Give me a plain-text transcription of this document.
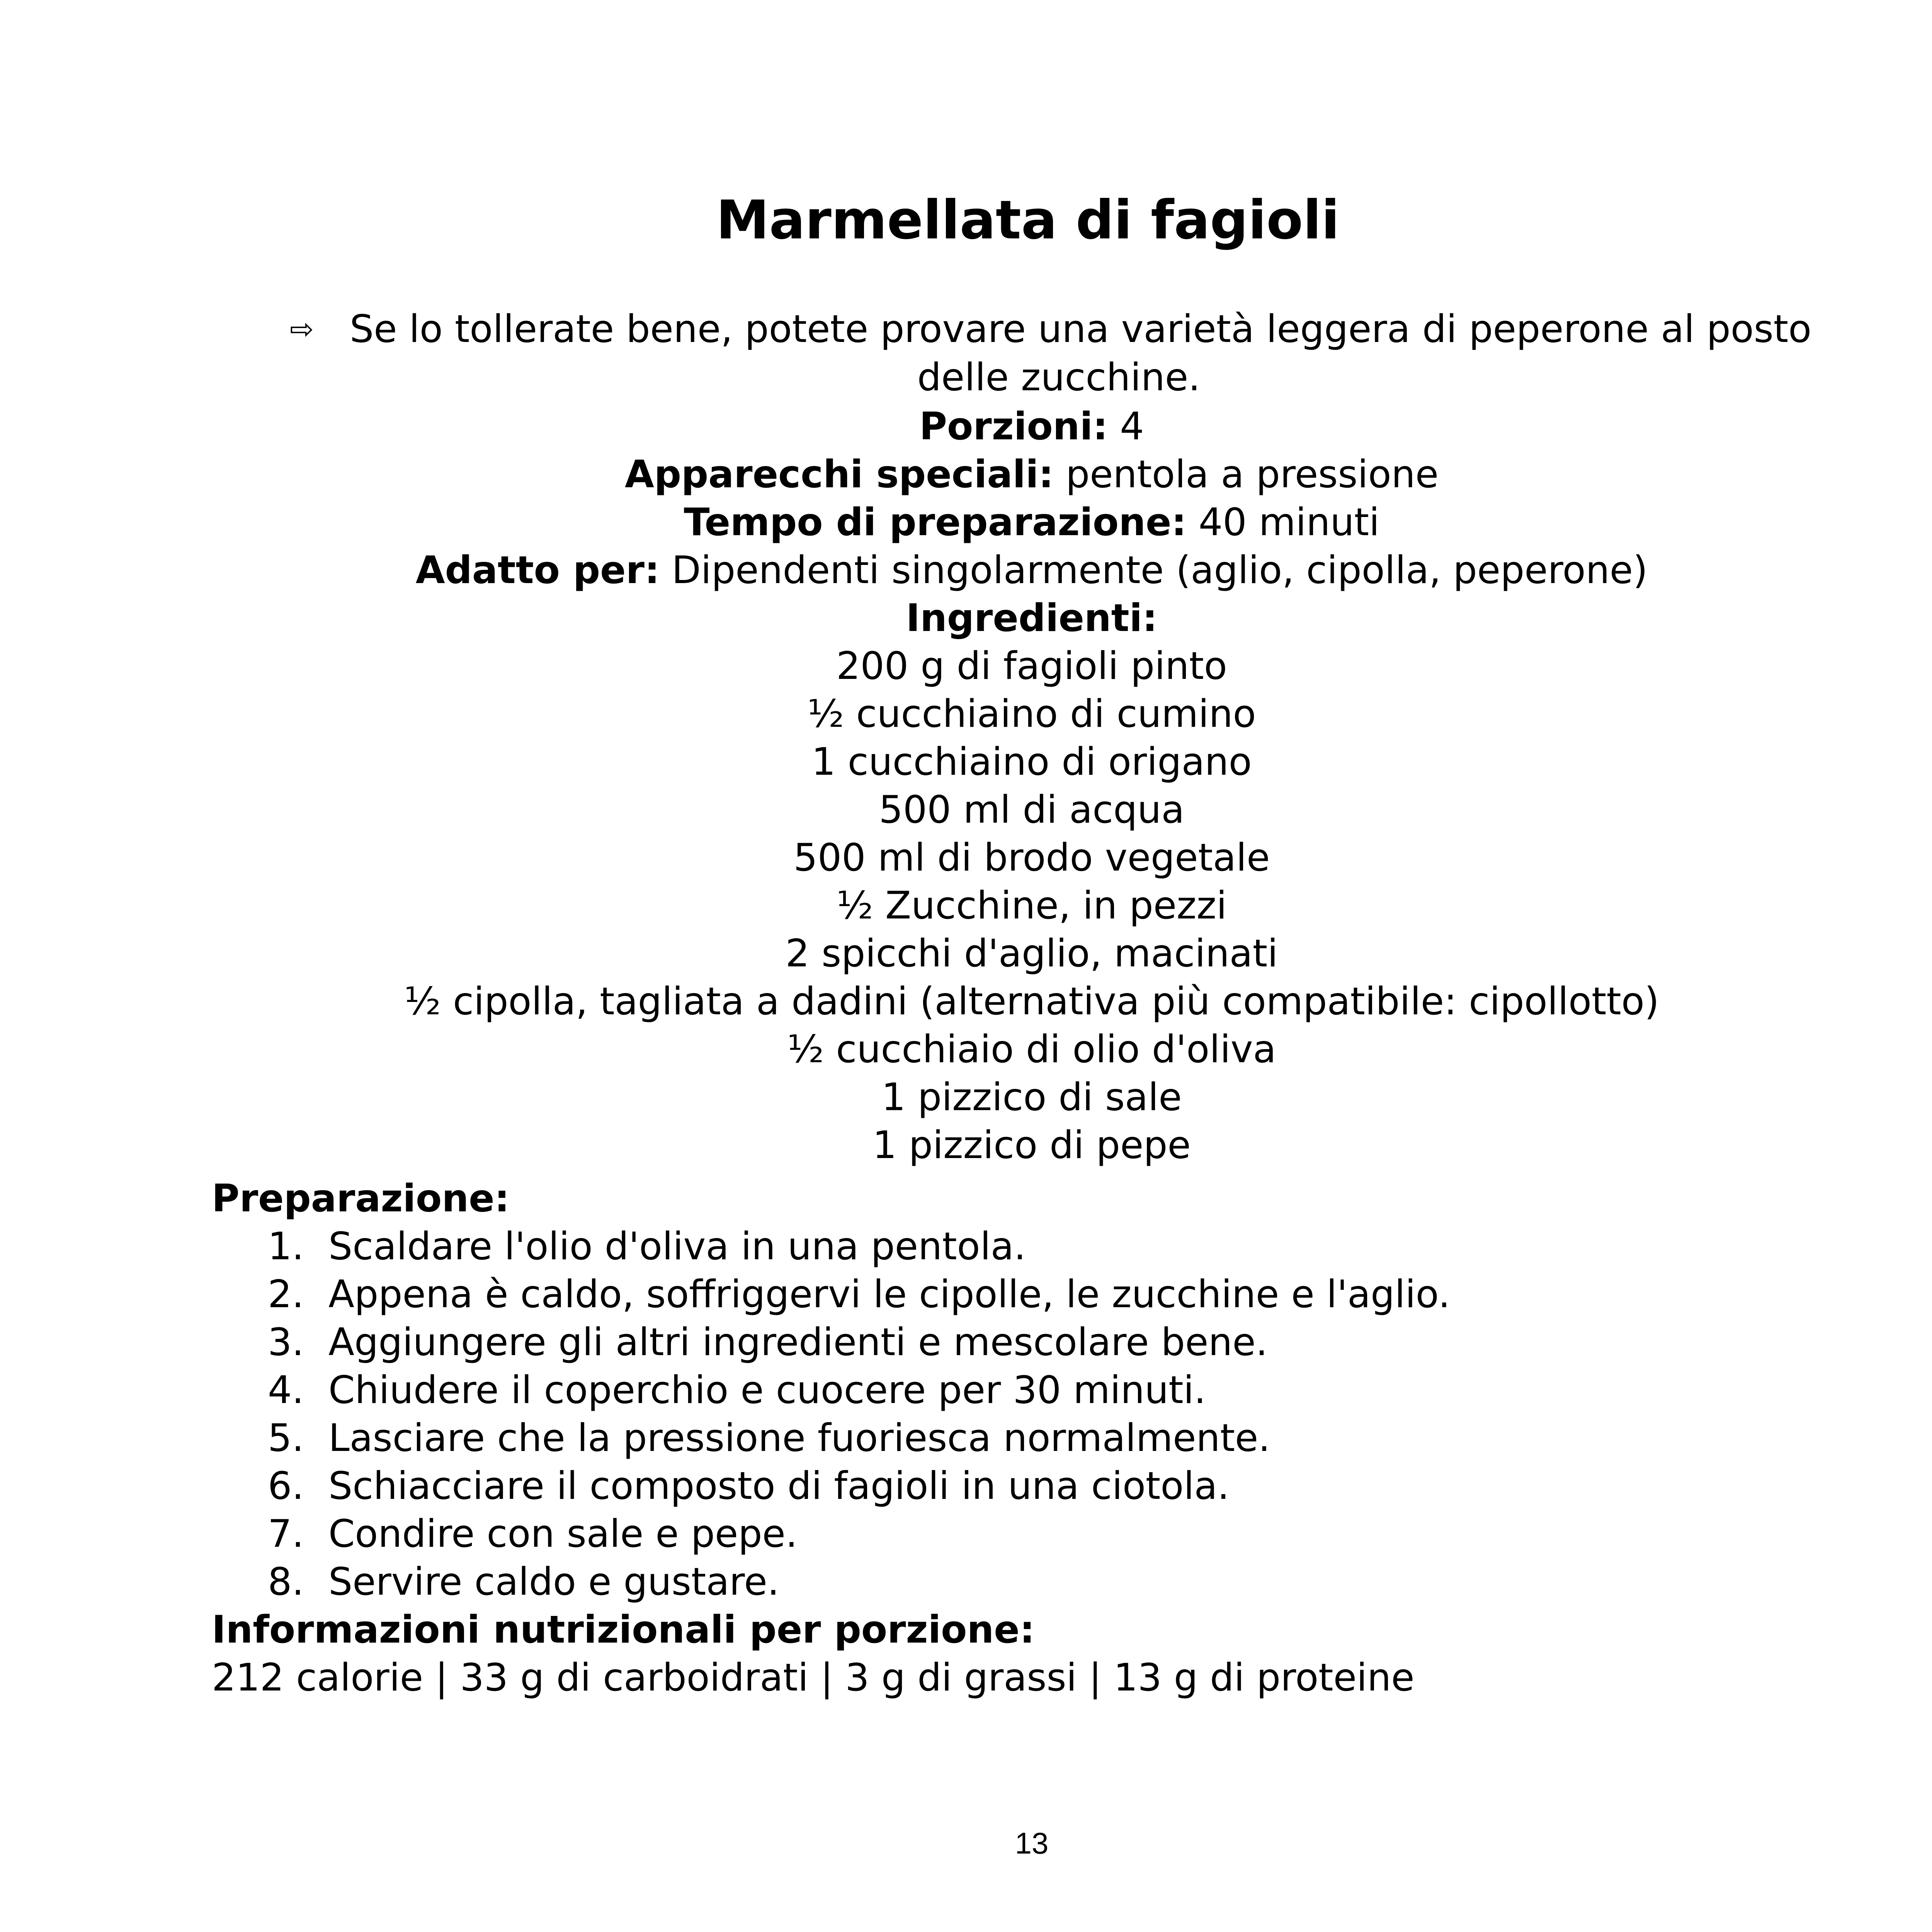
Marmellata di fagioli
⇨ Se lo tollerate bene, potete provare una varietà leggera di peperone al posto
delle zucchine.
Porzioni: 4
Apparecchi speciali: pentola a pressione
Tempo di preparazione: 40 minuti
Adatto per: Dipendenti singolarmente (aglio, cipolla, peperone)
Ingredienti:
200 g di fagioli pinto
½ cucchiaino di cumino
1 cucchiaino di origano
500 ml di acqua
500 ml di brodo vegetale
½ Zucchine, in pezzi
2 spicchi d'aglio, macinati
½ cipolla, tagliata a dadini (alternativa più compatibile: cipollotto)
½ cucchiaio di olio d'oliva
1 pizzico di sale
1 pizzico di pepe
Preparazione:
1. Scaldare l'olio d'oliva in una pentola.
2. Appena è caldo, soffriggervi le cipolle, le zucchine e l'aglio.
3. Aggiungere gli altri ingredienti e mescolare bene.
4. Chiudere il coperchio e cuocere per 30 minuti.
5. Lasciare che la pressione fuoriesca normalmente.
6. Schiacciare il composto di fagioli in una ciotola.
7. Condire con sale e pepe.
8. Servire caldo e gustare.
Informazioni nutrizionali per porzione:
212 calorie | 33 g di carboidrati | 3 g di grassi | 13 g di proteine
13
